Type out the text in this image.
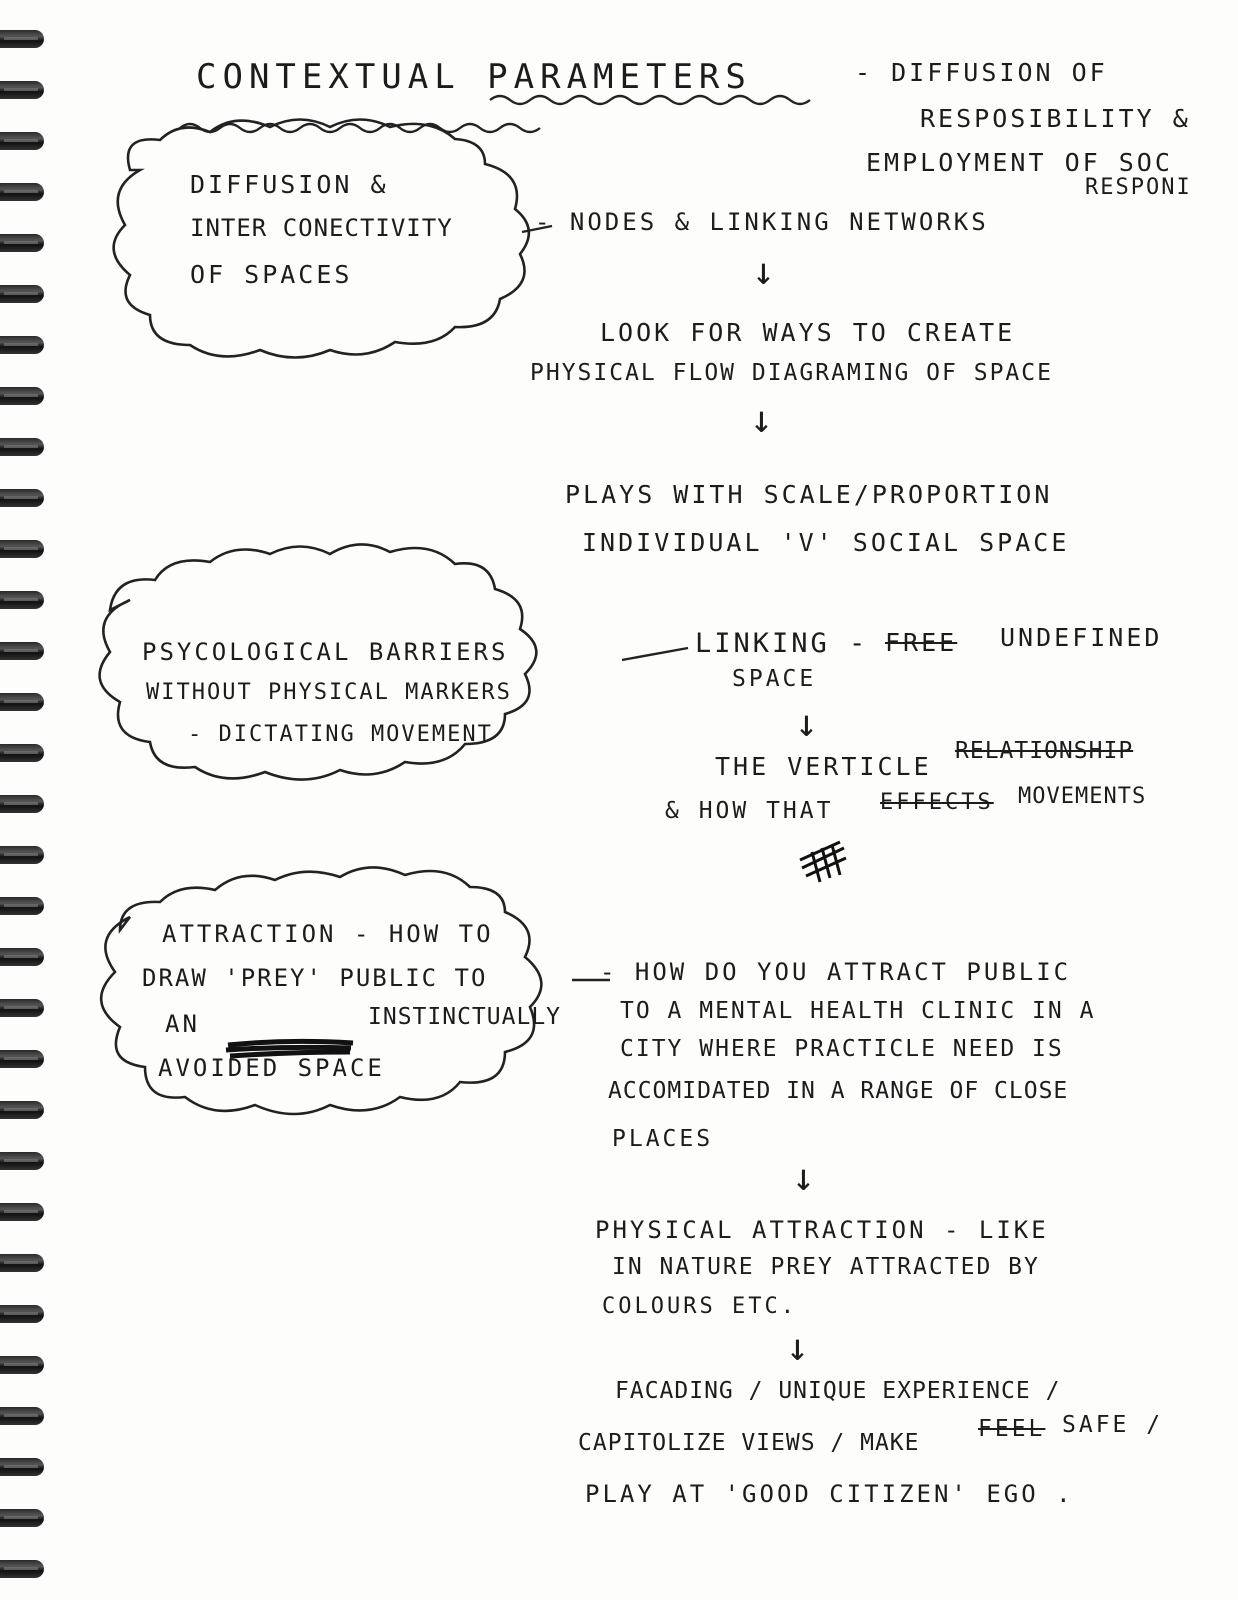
CONTEXTUAL PARAMETERS	- DIFFUSION OF
RESPOSIBILITY &
EMPLOYMENT OF SOC
RESPONI
DIFFUSION &
INTER CONECTIVITY
OF SPACES
- NODES & LINKING NETWORKS
↓
LOOK FOR WAYS TO CREATE
PHYSICAL FLOW DIAGRAMING OF SPACE
↓
PLAYS WITH SCALE/PROPORTION
INDIVIDUAL 'V' SOCIAL SPACE
PSYCOLOGICAL BARRIERS
WITHOUT PHYSICAL MARKERS
- DICTATING MOVEMENT
LINKING - FREE UNDEFINED
SPACE
↓
THE VERTICLE
RELATIONSHIP
& HOW THAT EFFECTS MOVEMENTS
ATTRACTION - HOW TO
DRAW 'PREY' PUBLIC TO
AN	INSTINCTUALLY
AVOIDED SPACE
- HOW DO YOU ATTRACT PUBLIC
TO A MENTAL HEALTH CLINIC IN A
CITY WHERE PRACTICLE NEED IS
ACCOMIDATED IN A RANGE OF CLOSE
PLACES
↓
PHYSICAL ATTRACTION - LIKE
IN NATURE PREY ATTRACTED BY
COLOURS ETC.
↓
FACADING / UNIQUE EXPERIENCE /
CAPITOLIZE VIEWS / MAKE
FEEL SAFE /
PLAY AT 'GOOD CITIZEN' EGO .
